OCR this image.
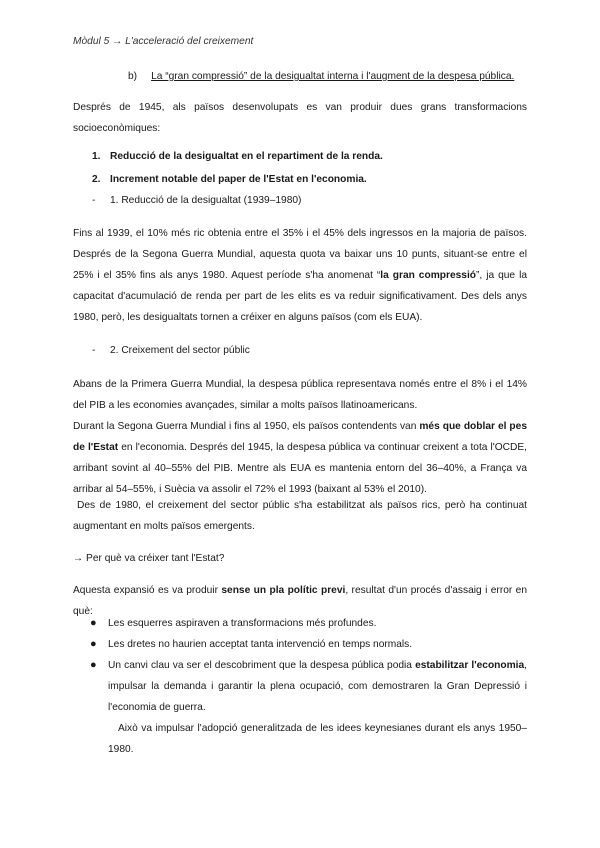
Mòdul 5 → L'acceleració del creixement
b) La “gran compressió” de la desigualtat interna i l'augment de la despesa pública.

Després de 1945, als països desenvolupats es van produir dues grans transformacions socioeconòmiques:

1. Reducció de la desigualtat en el repartiment de la renda.
2. Increment notable del paper de l'Estat en l'economia.
- 1. Reducció de la desigualtat (1939–1980)

Fins al 1939, el 10% més ric obtenia entre el 35% i el 45% dels ingressos en la majoria de països. Després de la Segona Guerra Mundial, aquesta quota va baixar uns 10 punts, situant-se entre el 25% i el 35% fins als anys 1980. Aquest període s'ha anomenat “la gran compressió”, ja que la capacitat d'acumulació de renda per part de les elits es va reduir significativament. Des dels anys 1980, però, les desigualtats tornen a créixer en alguns països (com els EUA).

- 2. Creixement del sector públic

Abans de la Primera Guerra Mundial, la despesa pública representava només entre el 8% i el 14% del PIB a les economies avançades, similar a molts països llatinoamericans.

Durant la Segona Guerra Mundial i fins al 1950, els països contendents van més que doblar el pes de l'Estat en l'economia. Després del 1945, la despesa pública va continuar creixent a tota l'OCDE, arribant sovint al 40–55% del PIB. Mentre als EUA es mantenia entorn del 36–40%, a França va arribar al 54–55%, i Suècia va assolir el 72% el 1993 (baixant al 53% el 2010).

Des de 1980, el creixement del sector públic s'ha estabilitzat als països rics, però ha continuat augmentant en molts països emergents.

→ Per què va créixer tant l'Estat?

Aquesta expansió es va produir sense un pla polític previ, resultat d'un procés d'assaig i error en què:

● Les esquerres aspiraven a transformacions més profundes.
● Les dretes no haurien acceptat tanta intervenció en temps normals.
● Un canvi clau va ser el descobriment que la despesa pública podia estabilitzar l'economia, impulsar la demanda i garantir la plena ocupació, com demostraren la Gran Depressió i l'economia de guerra.

Això va impulsar l'adopció generalitzada de les idees keynesianes durant els anys 1950–1980.
